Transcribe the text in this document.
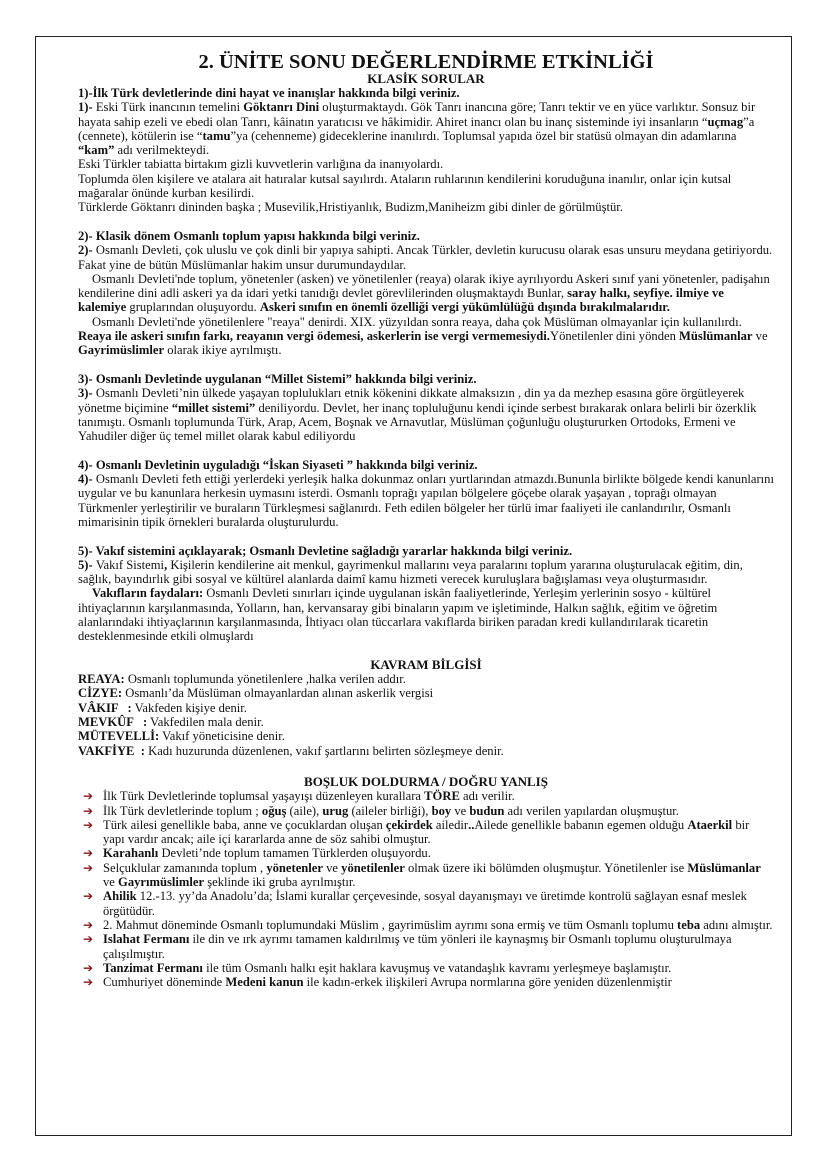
2. ÜNİTE SONU DEĞERLENDİRME ETKİNLİĞİ
KLASİK SORULAR

1)-İlk Türk devletlerinde dini hayat ve inanışlar hakkında bilgi veriniz.

1)- Eski Türk inancının temelini Göktanrı Dini oluşturmaktaydı. Gök Tanrı inancına göre; Tanrı tektir ve en yüce varlıktır. Sonsuz bir hayata sahip ezeli ve ebedi olan Tanrı, kâinatın yaratıcısı ve hâkimidir. Ahiret inancı olan bu inanç sisteminde iyi insanların “uçmag”a (cennete), kötülerin ise “tamu”ya (cehenneme) gideceklerine inanılırdı. Toplumsal yapıda özel bir statüsü olmayan din adamlarına “kam” adı verilmekteydi.

Eski Türkler tabiatta birtakım gizli kuvvetlerin varlığına da inanıyolardı.

Toplumda ölen kişilere ve atalara ait hatıralar kutsal sayılırdı. Ataların ruhlarının kendilerini koruduğuna inanılır, onlar için kutsal mağaralar önünde kurban kesilirdi.

Türklerde Göktanrı dininden başka ; Musevilik,Hristiyanlık, Budizm,Maniheizm gibi dinler de görülmüştür.

2)- Klasik dönem Osmanlı toplum yapısı hakkında bilgi veriniz.

2)- Osmanlı Devleti, çok uluslu ve çok dinli bir yapıya sahipti. Ancak Türkler, devletin kurucusu olarak esas unsuru meydana getiriyordu. Fakat yine de bütün Müslümanlar hakim unsur durumundaydılar.

Osmanlı Devleti'nde toplum, yönetenler (asken) ve yönetilenler (reaya) olarak ikiye ayrılıyordu Askeri sınıf yani yönetenler, padişahın kendilerine dini adli askeri ya da idari yetki tanıdığı devlet görevlilerinden oluşmaktaydı Bunlar, saray halkı, seyfiye. ilmiye ve kalemiye gruplarından oluşuyordu. Askeri sınıfın en önemli özelliği vergi yükümlülüğü dışında bırakılmalarıdır.

Osmanlı Devleti'nde yönetilenlere "reaya" denirdi. XIX. yüzyıldan sonra reaya, daha çok Müslüman olmayanlar için kullanılırdı. Reaya ile askeri sınıfın farkı, reayanın vergi ödemesi, askerlerin ise vergi vermemesiydi.Yönetilenler dini yönden Müslümanlar ve Gayrimüslimler olarak ikiye ayrılmıştı.

3)- Osmanlı Devletinde uygulanan “Millet Sistemi” hakkında bilgi veriniz.

3)- Osmanlı Devleti’nin ülkede yaşayan toplulukları etnik kökenini dikkate almaksızın , din ya da mezhep esasına göre örgütleyerek yönetme biçimine “millet sistemi” deniliyordu. Devlet, her inanç topluluğunu kendi içinde serbest bırakarak onlara belirli bir özerklik tanımıştı. Osmanlı toplumunda Türk, Arap, Acem, Boşnak ve Arnavutlar, Müslüman çoğunluğu oluştururken Ortodoks, Ermeni ve Yahudiler diğer üç temel millet olarak kabul ediliyordu

4)- Osmanlı Devletinin uyguladığı “İskan Siyaseti ” hakkında bilgi veriniz.

4)- Osmanlı Devleti feth ettiği yerlerdeki yerleşik halka dokunmaz onları yurtlarından atmazdı.Bununla birlikte bölgede kendi kanunlarını uygular ve bu kanunlara herkesin uymasını isterdi. Osmanlı toprağı yapılan bölgelere göçebe olarak yaşayan , toprağı olmayan Türkmenler yerleştirilir ve buraların Türkleşmesi sağlanırdı. Feth edilen bölgeler her türlü imar faaliyeti ile canlandırılır, Osmanlı mimarisinin tipik örnekleri buralarda oluşturulurdu.

5)- Vakıf sistemini açıklayarak; Osmanlı Devletine sağladığı yararlar hakkında bilgi veriniz.

5)- Vakıf Sistemi, Kişilerin kendilerine ait menkul, gayrimenkul mallarını veya paralarını toplum yararına oluşturulacak eğitim, din, sağlık, bayındırlık gibi sosyal ve kültürel alanlarda daimî kamu hizmeti verecek kuruluşlara bağışlaması veya oluşturmasıdır.

Vakıfların faydaları: Osmanlı Devleti sınırları içinde uygulanan iskân faaliyetlerinde, Yerleşim yerlerinin sosyo - kültürel ihtiyaçlarının karşılanmasında, Yolların, han, kervansaray gibi binaların yapım ve işletiminde, Halkın sağlık, eğitim ve öğretim alanlarındaki ihtiyaçlarının karşılanmasında, İhtiyacı olan tüccarlara vakıflarda biriken paradan kredi kullandırılarak ticaretin desteklenmesinde etkili olmuşlardı

KAVRAM BİLGİSİ

REAYA: Osmanlı toplumunda yönetilenlere ,halka verilen addır.

CİZYE: Osmanlı’da Müslüman olmayanlardan alınan askerlik vergisi

VÂKIF   : Vakfeden kişiye denir.

MEVKÛF   : Vakfedilen mala denir.

MÜTEVELLİ: Vakıf yöneticisine denir.

VAKFİYE  : Kadı huzurunda düzenlenen, vakıf şartlarını belirten sözleşmeye denir.

BOŞLUK DOLDURMA / DOĞRU YANLIŞ
➔ İlk Türk Devletlerinde toplumsal yaşayışı düzenleyen kurallara TÖRE adı verilir.
➔ İlk Türk devletlerinde toplum ; oğuş (aile), urug (aileler birliği), boy ve budun adı verilen yapılardan oluşmuştur.
➔ Türk ailesi genellikle baba, anne ve çocuklardan oluşan çekirdek ailedir..Ailede genellikle babanın egemen olduğu Ataerkil bir yapı vardır ancak; aile içi kararlarda anne de söz sahibi olmuştur.
➔ Karahanlı Devleti’nde toplum tamamen Türklerden oluşuyordu.
➔ Selçuklular zamanında toplum , yönetenler ve yönetilenler olmak üzere iki bölümden oluşmuştur. Yönetilenler ise Müslümanlar ve Gayrımüslimler şeklinde iki gruba ayrılmıştır.
➔ Ahilik 12.-13. yy’da Anadolu’da; İslami kurallar çerçevesinde, sosyal dayanışmayı ve üretimde kontrolü sağlayan esnaf meslek örgütüdür.
➔ 2. Mahmut döneminde Osmanlı toplumundaki Müslim , gayrimüslim ayrımı sona ermiş ve tüm Osmanlı toplumu teba adını almıştır.
➔ Islahat Fermanı ile din ve ırk ayrımı tamamen kaldırılmış ve tüm yönleri ile kaynaşmış bir Osmanlı toplumu oluşturulmaya çalışılmıştır.
➔ Tanzimat Fermanı ile tüm Osmanlı halkı eşit haklara kavuşmuş ve vatandaşlık kavramı yerleşmeye başlamıştır.
➔ Cumhuriyet döneminde Medeni kanun ile kadın-erkek ilişkileri Avrupa normlarına göre yeniden düzenlenmiştir
